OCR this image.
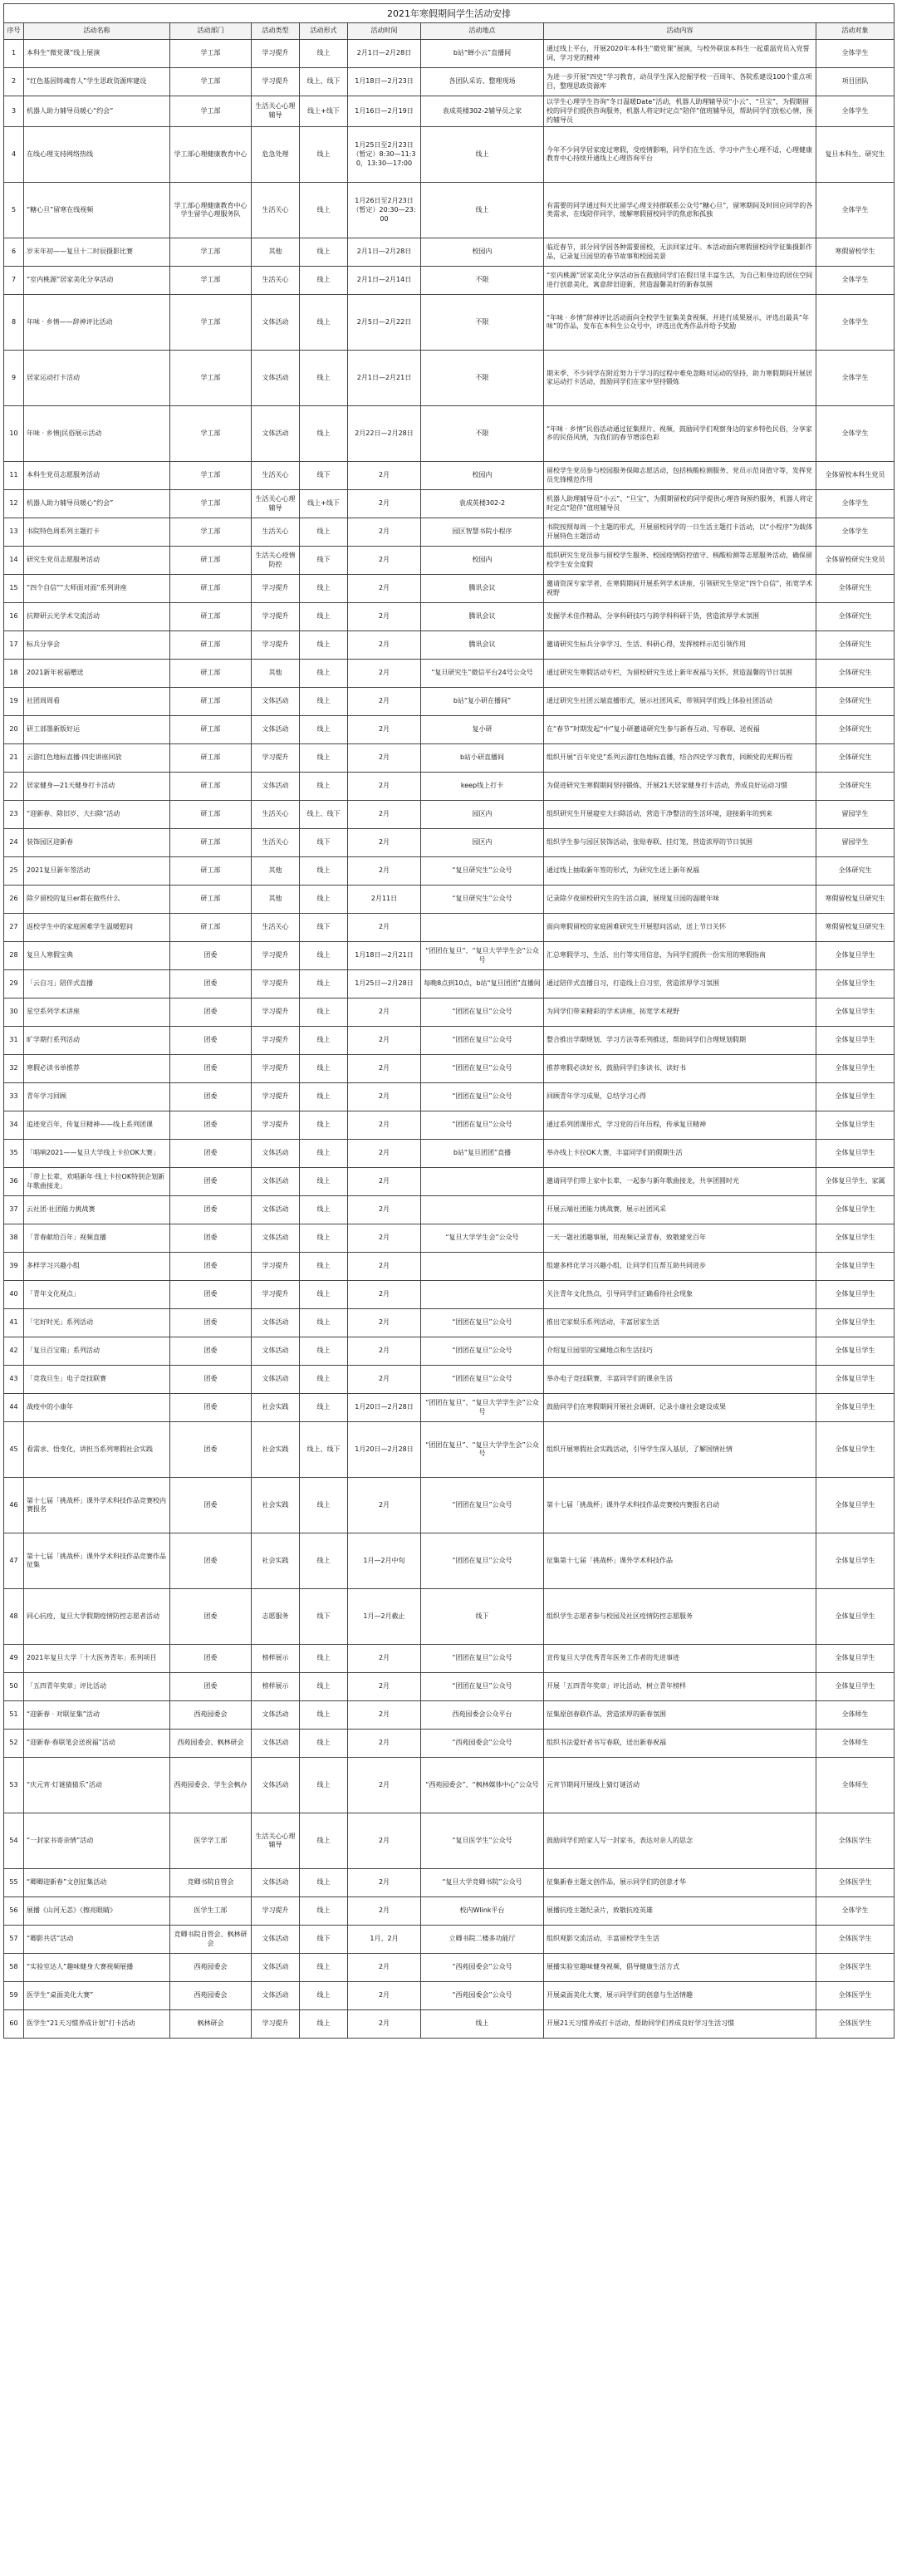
2021年寒假期间学生活动安排
序号	活动名称	活动部门	活动类型	活动形式	活动时间	活动地点	活动内容	活动对象
1	本科生“微党课”线上展演	学工部	学习提升	线上	2月1日—2月28日	b站“蝉小云”直播间	通过线上平台，开展2020年本科生“微党课”展演，与校外联谊本科生一起重温党员入党誓词，学习党的精神	全体学生
2	“红色基因铸魂育人”学生思政资源库建设	学工部	学习提升	线上、线下	1月18日—2月23日	各团队采访、整理现场	为进一步开展“四史”学习教育，动员学生深入挖掘学校一百周年、各院系建设100个重点项目，整理思政资源库	项目团队
3	机器人助力辅导员暖心“约会”	学工部	生活关心心理辅导	线上+线下	1月16日—2月19日	袁成英楼302-2辅导员之家	以学生心理学生咨询“冬日温暖Date”活动，机器人助理辅导员“小云”、“旦宝”，为假期留校的同学们提供咨询服务，机器人将定时定点“陪伴”值班辅导员，帮助同学们放松心情，预约辅导员	全体学生
4	在线心理支持网络热线	学工部心理健康教育中心	危急处理	线上	1月25日至2月23日（暂定）8:30—11:30，13:30—17:00	线上	今年不少同学居家度过寒假，受疫情影响，同学们在生活、学习中产生心理不适，心理健康教育中心持续开通线上心理咨询平台	复旦本科生、研究生
5	“糖心旦”留寒在线视频	学工部心理健康教育中心学生留学心理服务队	生活关心	线上	1月26日至2月23日（暂定）20:30—23:00	线上	有需要的同学通过科天比留学心理支持群联系公众号“糖心旦”，留寒期间及时回应同学的各类需求，在线陪伴同学，缓解寒假留校同学的焦虑和孤独	全体学生
6	岁末年初——复旦十二时辰摄影比赛	学工部	其他	线上	2月1日—2月28日	校园内	临近春节，部分同学因各种需要留校，无法回家过年。本活动面向寒假留校同学征集摄影作品，记录复旦园里的春节故事和校园美景	寒假留校学生
7	“室内桃源”居家美化分享活动	学工部	生活关心	线上	2月1日—2月14日	不限	“室内桃源”居家美化分享活动旨在鼓励同学们在假日里丰富生活，为自己和身边的居住空间进行创意美化，寓意辞旧迎新，营造温馨美好的新春氛围	全体学生
8	年味 · 乡情——辞神评比活动	学工部	文体活动	线上	2月5日—2月22日	不限	“年味 · 乡情”辞神评比活动面向全校学生征集美食视频，并进行成果展示，评选出最具“年味”的作品，发布在本科生公众号中，评选出优秀作品并给予奖励	全体学生
9	居家运动打卡活动	学工部	文体活动	线上	2月1日—2月21日	不限	期末季、不少同学在附近努力于学习的过程中难免忽略对运动的坚持，助力寒假期间开展居家运动打卡活动，鼓励同学们在家中坚持锻炼	全体学生
10	年味 · 乡情|民俗展示活动	学工部	文体活动	线上	2月22日—2月28日	不限	“年味 · 乡情”民俗活动通过征集照片、视频，鼓励同学们观察身边的家乡特色民俗，分享家乡的民俗风情，为我们的春节增添色彩	全体学生
11	本科生党员志愿服务活动	学工部	生活关心	线下	2月	校园内	留校学生党员参与校园服务保障志愿活动，包括核酸检测服务、党员示范岗值守等，发挥党员先锋模范作用	全体留校本科生党员
12	机器人助力辅导员暖心“约会”	学工部	生活关心心理辅导	线上+线下	2月	袁成英楼302-2	机器人助理辅导员“小云”、“旦宝”，为假期留校的同学提供心理咨询预约服务，机器人将定时定点“陪伴”值班辅导员	全体学生
13	书院特色周系列主题打卡	学工部	生活关心	线上	2月	园区智慧书院小程序	书院按照每周一个主题的形式，开展留校同学的一日生活主题打卡活动，以“小程序”为载体开展特色主题活动	全体学生
14	研究生党员志愿服务活动	研工部	生活关心疫情防控	线下	2月	校园内	组织研究生党员参与留校学生服务、校园疫情防控值守、核酸检测等志愿服务活动，确保留校学生安全度假	全体留校研究生党员
15	“四个自信”“大师面对面”系列讲座	研工部	学习提升	线上	2月	腾讯会议	邀请资深专家学者，在寒假期间开展系列学术讲座，引领研究生坚定“四个自信”，拓宽学术视野	全体研究生
16	抗辩研云光学术交流活动	研工部	学习提升	线上	2月	腾讯会议	发掘学术佳作精品，分享科研技巧与跨学科科研干货，营造浓厚学术氛围	全体研究生
17	标兵分享会	研工部	学习提升	线上	2月	腾讯会议	邀请研究生标兵分享学习、生活、科研心得，发挥榜样示范引领作用	全体研究生
18	2021新年祝福赠送	研工部	其他	线上	2月	“复旦研究生”微信平台24号公众号	通过研究生寒假活动专栏，为留校研究生送上新年祝福与关怀，营造温馨的节日氛围	全体研究生
19	社团周周看	研工部	文体活动	线上	2月	b站“复小研在播间”	通过研究生社团云端直播形式，展示社团风采，带领同学们线上体验社团活动	全体研究生
20	研工部墨新版好运	研工部	文体活动	线上	2月	复小研	在“春节”时期发起“中”复小研邀请研究生参与新春互动、写春联、送祝福	全体研究生
21	云游红色地标直播·四史讲座回放	研工部	学习提升	线上	2月	b站小研直播间	组织开展“百年党史”系列云游红色地标直播，结合四史学习教育，回顾党的光辉历程	全体研究生
22	居家健身—21天健身打卡活动	研工部	文体活动	线上	2月	keep线上打卡	为促进研究生寒假期间坚持锻炼，开展21天居家健身打卡活动，养成良好运动习惯	全体研究生
23	“迎新春、除旧岁、大扫除”活动	研工部	生活关心	线上、线下	2月	园区内	组织研究生开展寝室大扫除活动，营造干净整洁的生活环境，迎接新年的到来	留园学生
24	装饰园区迎新春	研工部	生活关心	线下	2月	园区内	组织学生参与园区装饰活动，张贴春联、挂灯笼，营造浓厚的节日氛围	留园学生
25	2021复旦新年签活动	研工部	其他	线上	2月	“复旦研究生”公众号	通过线上抽取新年签的形式，为研究生送上新年祝福	全体研究生
26	除夕留校的复旦er都在做些什么	研工部	其他	线上	2月11日	“复旦研究生”公众号	记录除夕夜留校研究生的生活点滴，展现复旦园的温暖年味	寒假留校复旦研究生
27	返校学生中的家庭困难学生温暖慰问	研工部	生活关心	线下	2月		面向寒假留校的家庭困难研究生开展慰问活动，送上节日关怀	寒假留校复旦研究生
28	复旦人寒假宝典	团委	学习提升	线上	1月18日—2月21日	“团团在复旦”、“复旦大学学生会”公众号	汇总寒假学习、生活、出行等实用信息，为同学们提供一份实用的寒假指南	全体复旦学生
29	「云自习」陪伴式直播	团委	学习提升	线上	1月25日—2月28日	每晚8点到10点，b站“复旦团团”直播间	通过陪伴式直播自习，打造线上自习室，营造浓厚学习氛围	全体复旦学生
30	星空系列学术讲座	团委	学习提升	线上	2月	“团团在复旦”公众号	为同学们带来精彩的学术讲座，拓宽学术视野	全体复旦学生
31	旷学期行系列活动	团委	学习提升	线上	2月	“团团在复旦”公众号	整合推出学期规划、学习方法等系列推送，帮助同学们合理规划假期	全体复旦学生
32	寒假必读书单推荐	团委	学习提升	线上	2月	“团团在复旦”公众号	推荐寒假必读好书，鼓励同学们多读书、读好书	全体复旦学生
33	青年学习回顾	团委	学习提升	线上	2月	“团团在复旦”公众号	回顾青年学习成果，总结学习心得	全体复旦学生
34	追迹党百年，传复旦精神——线上系列团课	团委	学习提升	线上	2月	“团团在复旦”公众号	通过系列团课形式，学习党的百年历程，传承复旦精神	全体复旦学生
35	「唱响2021——复旦大学线上卡拉OK大赛」	团委	文体活动	线上	2月	b站“复旦团团”直播	举办线上卡拉OK大赛，丰富同学们的假期生活	全体复旦学生
36	「带上长辈，欢唱新年·线上卡拉OK特别企划新年歌曲接龙」	团委	文体活动	线上	2月		邀请同学们带上家中长辈，一起参与新年歌曲接龙，共享团圆时光	全体复旦学生、家属
37	云社团·社团能力挑战赛	团委	文体活动	线上	2月		开展云端社团能力挑战赛，展示社团风采	全体复旦学生
38	「青春献给百年」视频直播	团委	文体活动	线上	2月	“复旦大学学生会”公众号	一天一题社团趣事展，用视频记录青春，致敬建党百年	全体复旦学生
39	多样学习兴趣小组	团委	学习提升	线上	2月		组建多样化学习兴趣小组，让同学们互帮互助共同进步	全体复旦学生
40	「青年文化视点」	团委	学习提升	线上	2月		关注青年文化热点，引导同学们正确看待社会现象	全体复旦学生
41	「宅好时光」系列活动	团委	文体活动	线上	2月	“团团在复旦”公众号	推出宅家娱乐系列活动，丰富居家生活	全体复旦学生
42	「复旦百宝箱」系列活动	团委	文体活动	线上	2月	“团团在复旦”公众号	介绍复旦园里的宝藏地点和生活技巧	全体复旦学生
43	「竞我旦生」电子竞技联赛	团委	文体活动	线上	2月	“团团在复旦”公众号	举办电子竞技联赛，丰富同学们的课余生活	全体复旦学生
44	战疫中的小康年	团委	社会实践	线上	1月20日—2月28日	“团团在复旦”、“复旦大学学生会”公众号	鼓励同学们在寒假期间开展社会调研，记录小康社会建设成果	全体复旦学生
45	看需求、悟变化，讲担当系列寒假社会实践	团委	社会实践	线上、线下	1月20日—2月28日	“团团在复旦”、“复旦大学学生会”公众号	组织开展寒假社会实践活动，引导学生深入基层，了解国情社情	全体复旦学生
46	第十七届「挑战杯」课外学术科技作品竞赛校内赛报名	团委	社会实践	线上	2月	“团团在复旦”公众号	第十七届「挑战杯」课外学术科技作品竞赛校内赛报名启动	全体复旦学生
47	第十七届「挑战杯」课外学术科技作品竞赛作品征集	团委	社会实践	线上	1月—2月中旬	“团团在复旦”公众号	征集第十七届「挑战杯」课外学术科技作品	全体复旦学生
48	同心抗疫，复旦大学假期疫情防控志愿者活动	团委	志愿服务	线下	1月—2月截止	线下	组织学生志愿者参与校园及社区疫情防控志愿服务	全体复旦学生
49	2021年复旦大学「十大医务青年」系列项目	团委	榜样展示	线上	2月	“团团在复旦”公众号	宣传复旦大学优秀青年医务工作者的先进事迹	全体复旦学生
50	「五四青年奖章」评比活动	团委	榜样展示	线上	2月	“团团在复旦”公众号	开展「五四青年奖章」评比活动，树立青年榜样	全体复旦学生
51	“迎新春 · 对联征集”活动	西苑园委会	文体活动	线上	2月	西苑园委会公众平台	征集原创春联作品，营造浓厚的新春氛围	全体师生
52	“迎新春·春联笔会送祝福”活动	西苑园委会、枫林研会	文体活动	线上	2月	“西苑园委会”公众号	组织书法爱好者书写春联，送出新春祝福	全体师生
53	“庆元宵·灯谜猜猜乐”活动	西苑园委会、学生会枫办	文体活动	线上	2月	“西苑园委会”、“枫林媒体中心”公众号	元宵节期间开展线上猜灯谜活动	全体师生
54	“一封家书寄亲情”活动	医学学工部	生活关心心理辅导	线上	2月	“复旦医学生”公众号	鼓励同学们给家人写一封家书，表达对亲人的思念	全体医学生
55	“卿卿迎新春”文创征集活动	竞卿书院自管会	文体活动	线上	2月	“复旦大学竞卿书院”公众号	征集新春主题文创作品，展示同学们的创意才华	全体医学生
56	展播《山河无恙》《擦亮眼睛》	医学生工部	学习提升	线上	2月	校内Wlink平台	展播抗疫主题纪录片，致敬抗疫英雄	全体学生
57	“卿影共话”活动	竞卿书院自管会、枫林研会	文体活动	线下	1月、2月	立卿书院二楼多功能厅	组织观影交流活动，丰富留校学生生活	全体医学生
58	“实验室达人”趣味健身大赛视频展播	西苑园委会	文体活动	线上	2月	“西苑园委会”公众号	展播实验室趣味健身视频，倡导健康生活方式	全体医学生
59	医学生“桌面美化大赛”	西苑园委会	文体活动	线上	2月	“西苑园委会”公众号	开展桌面美化大赛，展示同学们的创意与生活情趣	全体医学生
60	医学生“21天习惯养成计划”打卡活动	枫林研会	学习提升	线上	2月	线上	开展21天习惯养成打卡活动，帮助同学们养成良好学习生活习惯	全体医学生
